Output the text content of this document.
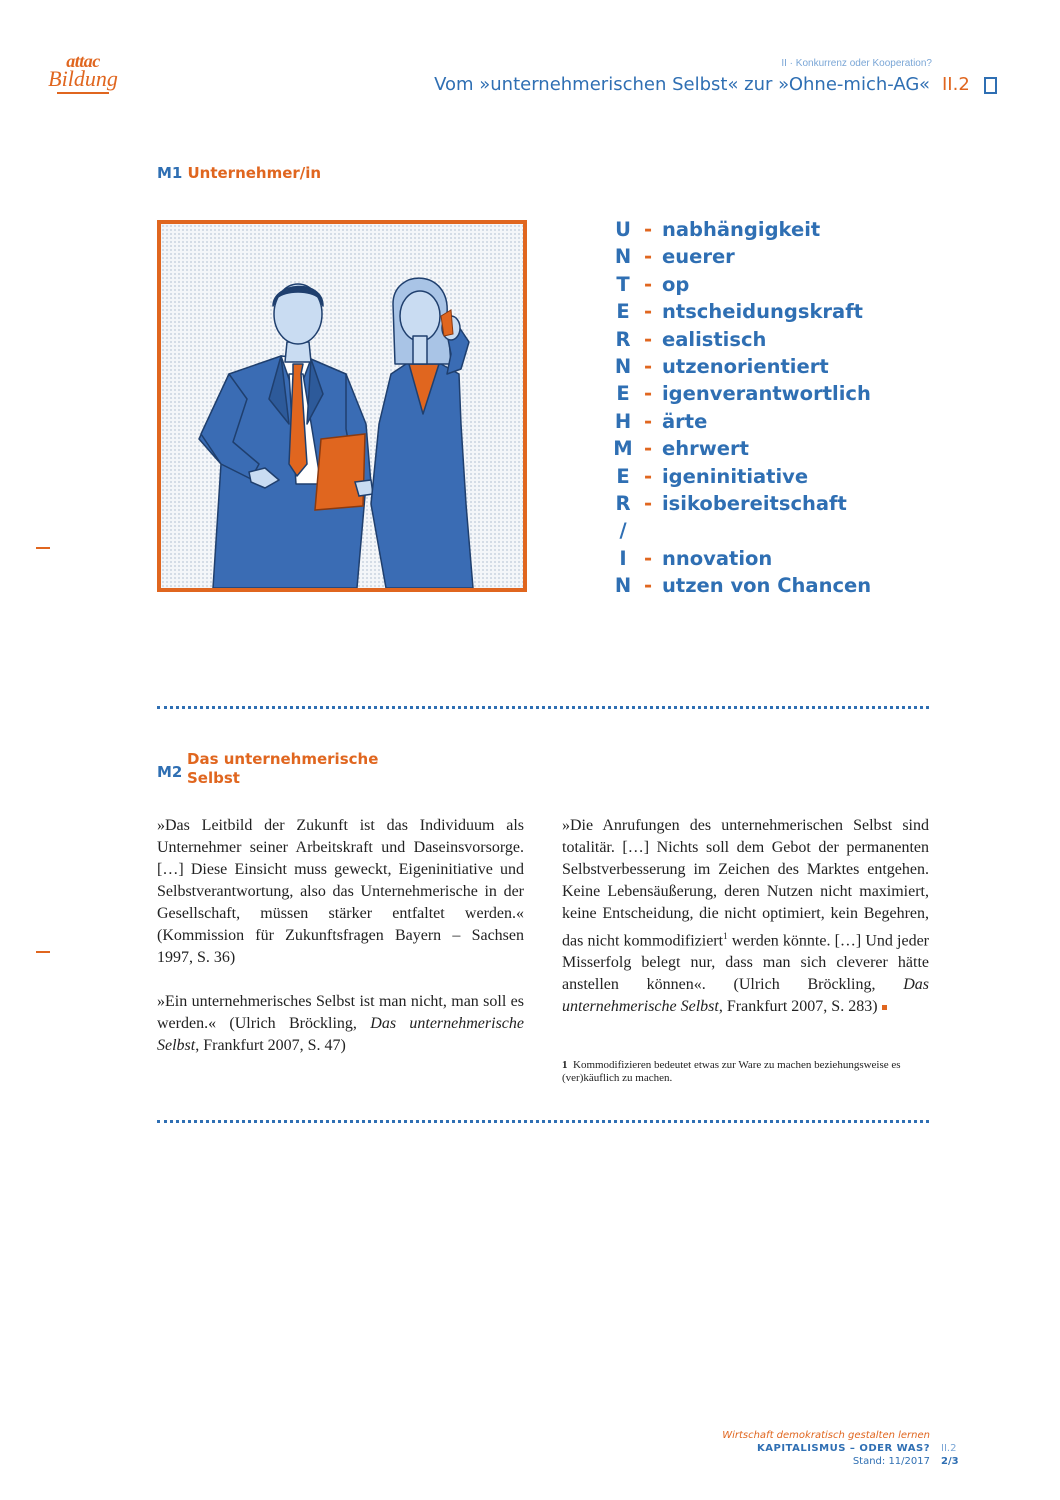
attac
Bildung
II · Konkurrenz oder Kooperation?
Vom »unternehmerischen Selbst« zur »Ohne-mich-AG« II.2
M1 Unternehmer/in
U - nabhängigkeit
N - euerer
T - op
E - ntscheidungskraft
R - ealistisch
N - utzenorientiert
E - igenverantwortlich
H - ärte
M - ehrwert
E - igeninitiative
R - isikobereitschaft
/
I - nnovation
N - utzen von Chancen
M2
Das unternehmerische
Selbst

»Das Leitbild der Zukunft ist das Individuum als Unternehmer seiner Arbeitskraft und Daseinsvorsorge. […] Diese Einsicht muss geweckt, Eigeninitiative und Selbstverantwortung, also das Unternehmerische in der Gesellschaft, müssen stärker entfaltet werden.« (Kommission für Zukunftsfragen Bayern – Sachsen 1997, S. 36)

»Ein unternehmerisches Selbst ist man nicht, man soll es werden.« (Ulrich Bröckling, Das unternehmerische Selbst, Frankfurt 2007, S. 47)

»Die Anrufungen des unternehmerischen Selbst sind totalitär. […] Nichts soll dem Gebot der permanenten Selbstverbesserung im Zeichen des Marktes entgehen. Keine Lebensäußerung, deren Nutzen nicht maximiert, keine Entscheidung, die nicht optimiert, kein Begehren, das nicht kommodifiziert$^1$ werden könnte. […] Und jeder Misserfolg belegt nur, dass man sich cleverer hätte anstellen können«. (Ulrich Bröckling, Das unternehmerische Selbst, Frankfurt 2007, S. 283)

1 Kommodifizieren bedeutet etwas zur Ware zu machen beziehungsweise es (ver)käuflich zu machen.
Wirtschaft demokratisch gestalten lernen
KAPITALISMUS – ODER WAS?
Stand: 11/2017
II.2
2/3
